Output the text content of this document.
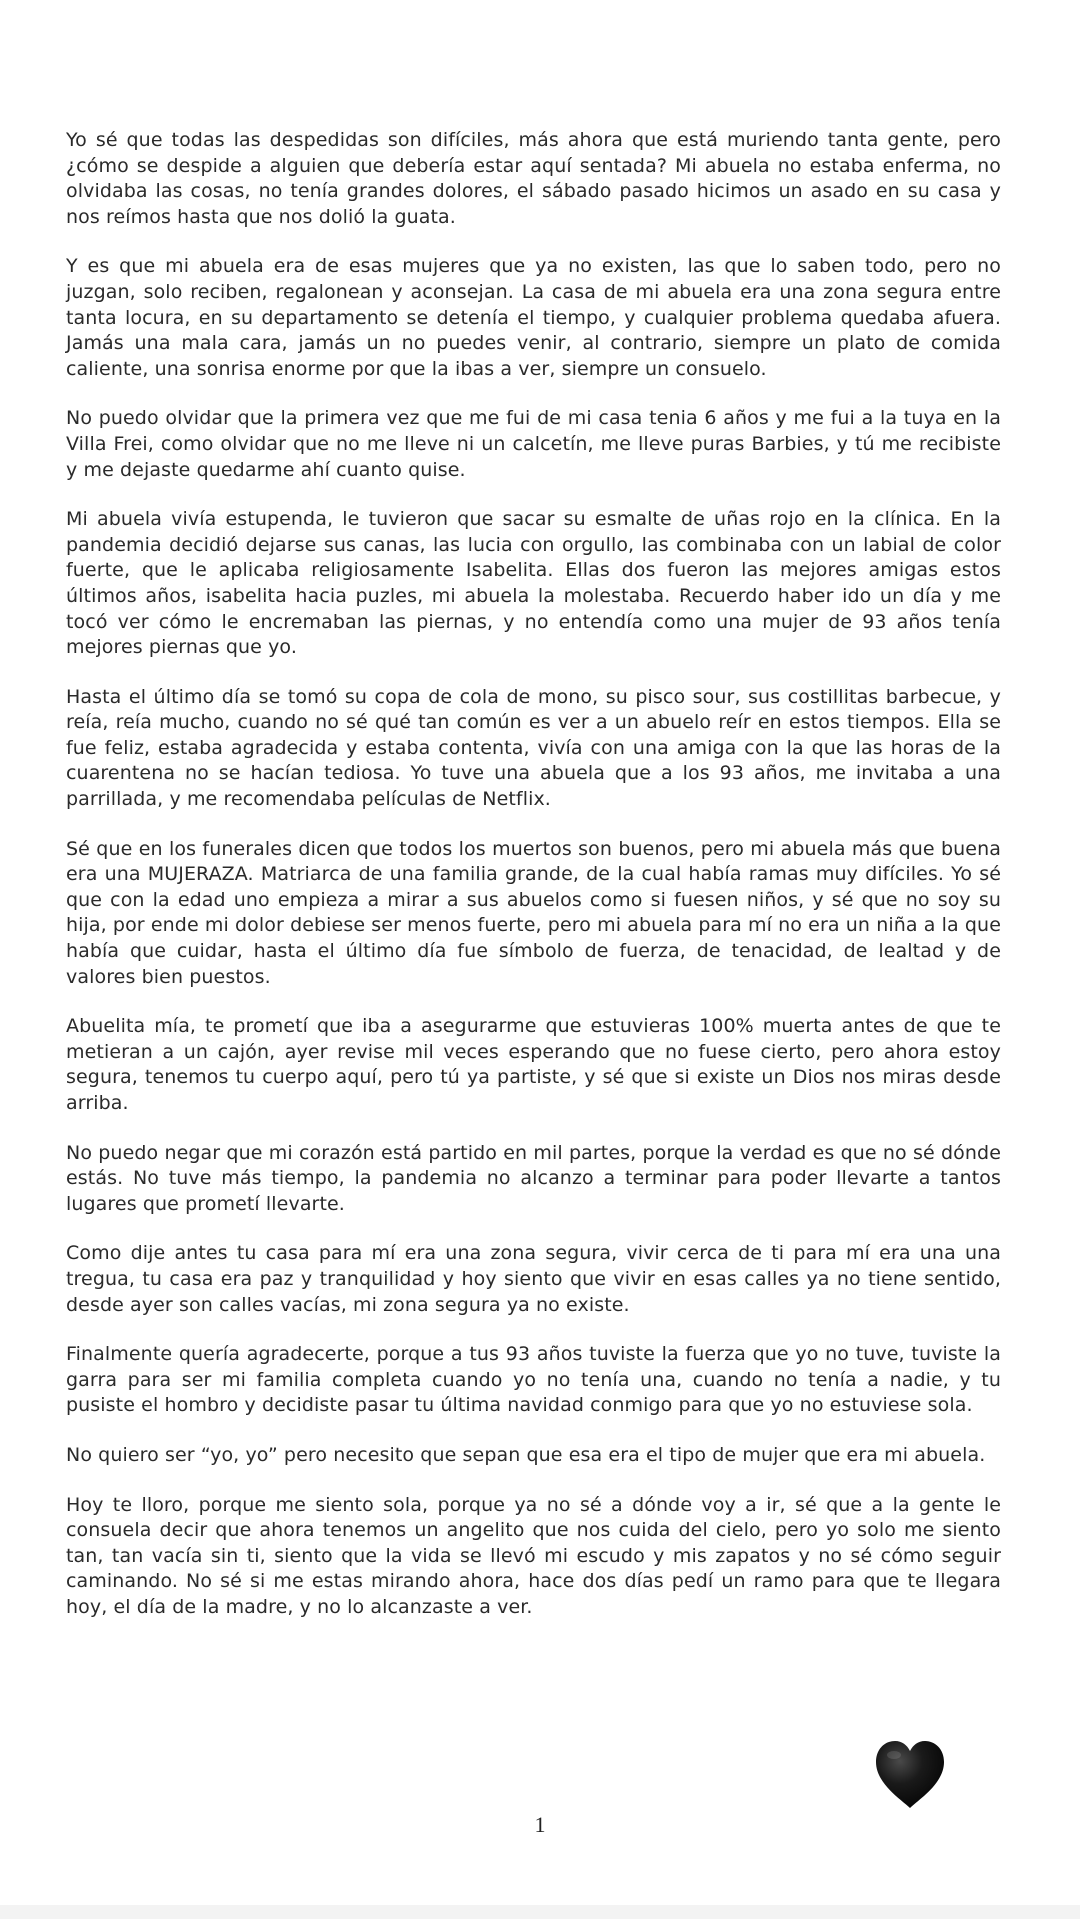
Yo sé que todas las despedidas son difíciles, más ahora que está muriendo tanta gente, pero ¿cómo se despide a alguien que debería estar aquí sentada? Mi abuela no estaba enferma, no olvidaba las cosas, no tenía grandes dolores, el sábado pasado hicimos un asado en su casa y nos reímos hasta que nos dolió la guata.

Y es que mi abuela era de esas mujeres que ya no existen, las que lo saben todo, pero no juzgan, solo reciben, regalonean y aconsejan. La casa de mi abuela era una zona segura entre tanta locura, en su departamento se detenía el tiempo, y cualquier problema quedaba afuera. Jamás una mala cara, jamás un no puedes venir, al contrario, siempre un plato de comida caliente, una sonrisa enorme por que la ibas a ver, siempre un consuelo.

No puedo olvidar que la primera vez que me fui de mi casa tenia 6 años y me fui a la tuya en la Villa Frei, como olvidar que no me lleve ni un calcetín, me lleve puras Barbies, y tú me recibiste y me dejaste quedarme ahí cuanto quise.

Mi abuela vivía estupenda, le tuvieron que sacar su esmalte de uñas rojo en la clínica. En la pandemia decidió dejarse sus canas, las lucia con orgullo, las combinaba con un labial de color fuerte, que le aplicaba religiosamente Isabelita. Ellas dos fueron las mejores amigas estos últimos años, isabelita hacia puzles, mi abuela la molestaba. Recuerdo haber ido un día y me tocó ver cómo le encremaban las piernas, y no entendía como una mujer de 93 años tenía mejores piernas que yo.

Hasta el último día se tomó su copa de cola de mono, su pisco sour, sus costillitas barbecue, y reía, reía mucho, cuando no sé qué tan común es ver a un abuelo reír en estos tiempos. Ella se fue feliz, estaba agradecida y estaba contenta, vivía con una amiga con la que las horas de la cuarentena no se hacían tediosa. Yo tuve una abuela que a los 93 años, me invitaba a una parrillada, y me recomendaba películas de Netflix.

Sé que en los funerales dicen que todos los muertos son buenos, pero mi abuela más que buena era una MUJERAZA. Matriarca de una familia grande, de la cual había ramas muy difíciles. Yo sé que con la edad uno empieza a mirar a sus abuelos como si fuesen niños, y sé que no soy su hija, por ende mi dolor debiese ser menos fuerte, pero mi abuela para mí no era un niña a la que había que cuidar, hasta el último día fue símbolo de fuerza, de tenacidad, de lealtad y de valores bien puestos.

Abuelita mía, te prometí que iba a asegurarme que estuvieras 100% muerta antes de que te metieran a un cajón, ayer revise mil veces esperando que no fuese cierto, pero ahora estoy segura, tenemos tu cuerpo aquí, pero tú ya partiste, y sé que si existe un Dios nos miras desde arriba.

No puedo negar que mi corazón está partido en mil partes, porque la verdad es que no sé dónde estás. No tuve más tiempo, la pandemia no alcanzo a terminar para poder llevarte a tantos lugares que prometí llevarte.

Como dije antes tu casa para mí era una zona segura, vivir cerca de ti para mí era una una tregua, tu casa era paz y tranquilidad y hoy siento que vivir en esas calles ya no tiene sentido, desde ayer son calles vacías, mi zona segura ya no existe.

Finalmente quería agradecerte, porque a tus 93 años tuviste la fuerza que yo no tuve, tuviste la garra para ser mi familia completa cuando yo no tenía una, cuando no tenía a nadie, y tu pusiste el hombro y decidiste pasar tu última navidad conmigo para que yo no estuviese sola.

No quiero ser “yo, yo” pero necesito que sepan que esa era el tipo de mujer que era mi abuela.

Hoy te lloro, porque me siento sola, porque ya no sé a dónde voy a ir, sé que a la gente le consuela decir que ahora tenemos un angelito que nos cuida del cielo, pero yo solo me siento tan, tan vacía sin ti, siento que la vida se llevó mi escudo y mis zapatos y no sé cómo seguir caminando. No sé si me estas mirando ahora, hace dos días pedí un ramo para que te llegara hoy, el día de la madre, y no lo alcanzaste a ver.

1
